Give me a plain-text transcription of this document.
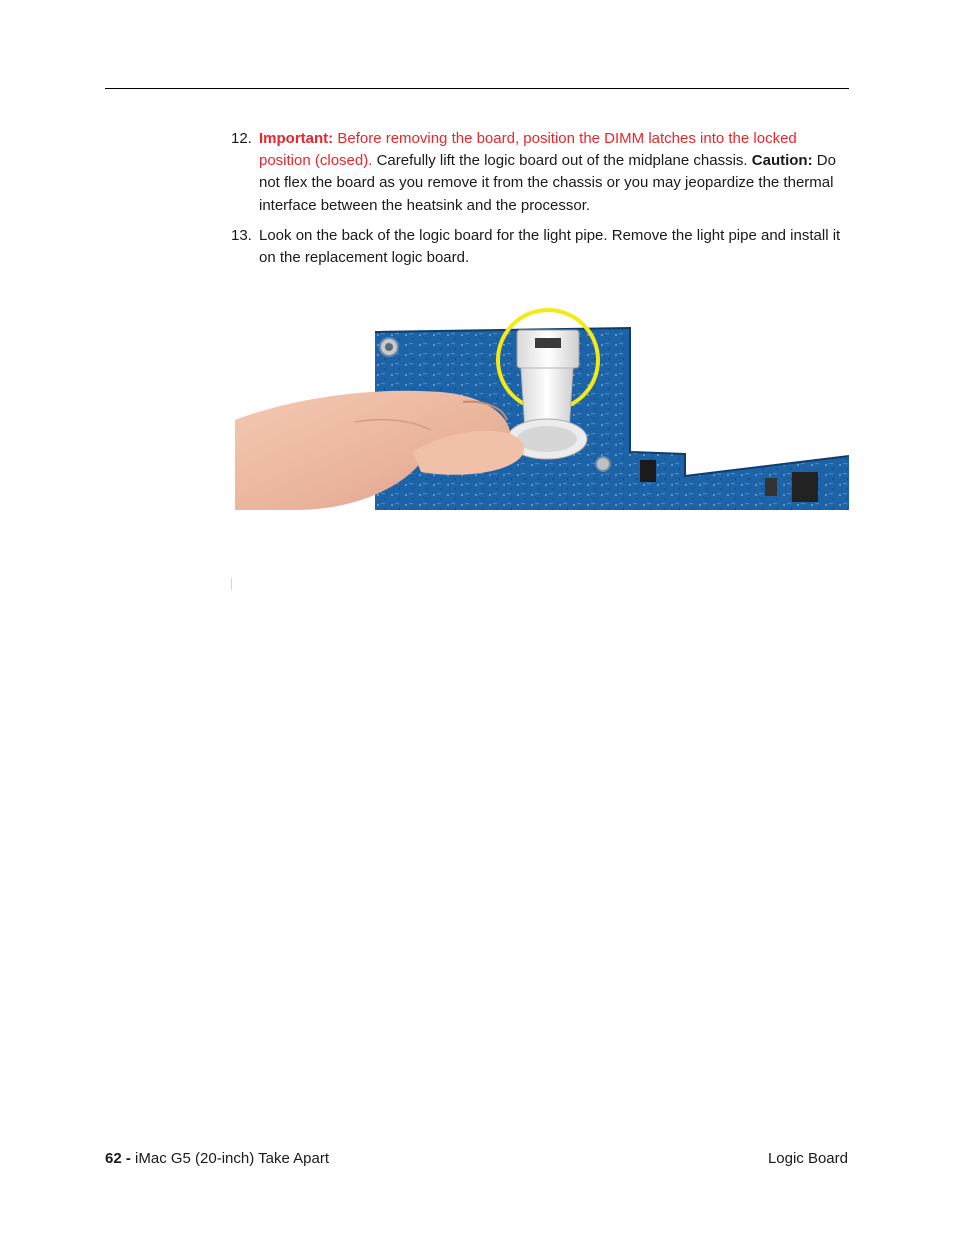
12. Important: Before removing the board, position the DIMM latches into the locked position (closed). Carefully lift the logic board out of the midplane chassis. Caution: Do not flex the board as you remove it from the chassis or you may jeopardize the thermal interface between the heatsink and the processor.
13. Look on the back of the logic board for the light pipe. Remove the light pipe and install it on the replacement logic board.
62 - iMac G5 (20-inch) Take Apart	Logic Board
